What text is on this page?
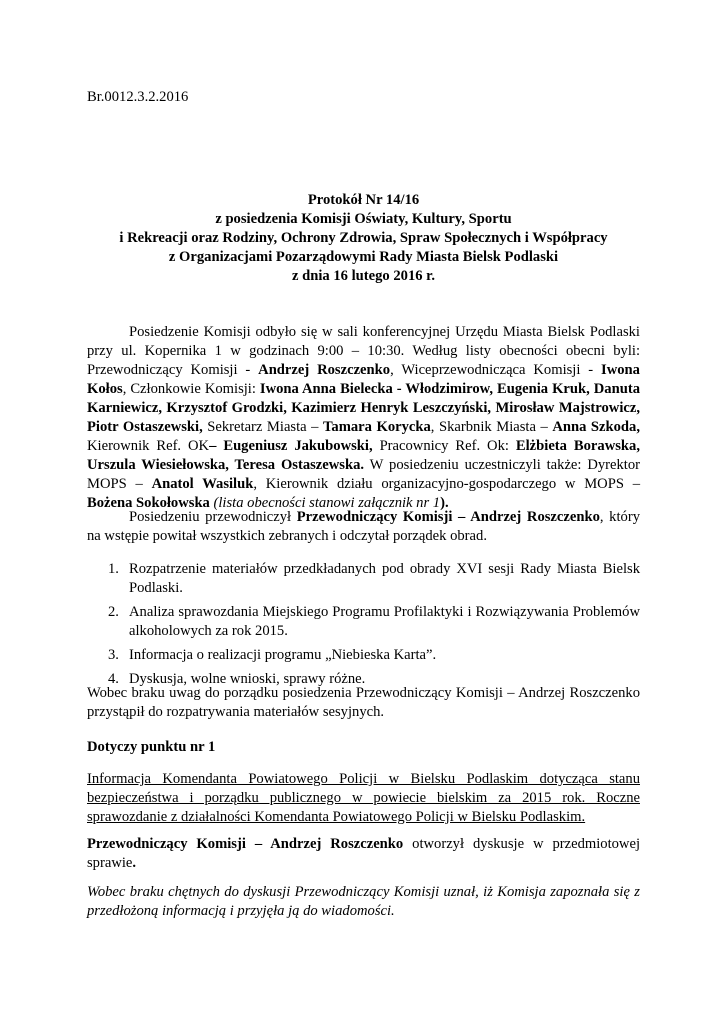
Br.0012.3.2.2016

Protokół Nr 14/16
z posiedzenia Komisji Oświaty, Kultury, Sportu
i Rekreacji oraz Rodziny, Ochrony Zdrowia, Spraw Społecznych i Współpracy
z Organizacjami Pozarządowymi Rady Miasta Bielsk Podlaski
z dnia 16 lutego 2016 r.

Posiedzenie Komisji odbyło się w sali konferencyjnej Urzędu Miasta Bielsk Podlaski przy ul. Kopernika 1 w godzinach 9:00 – 10:30. Według listy obecności obecni byli: Przewodniczący Komisji - Andrzej Roszczenko, Wiceprzewodnicząca Komisji - Iwona Kołos, Członkowie Komisji: Iwona Anna Bielecka - Włodzimirow, Eugenia Kruk, Danuta Karniewicz, Krzysztof Grodzki, Kazimierz Henryk Leszczyński, Mirosław Majstrowicz, Piotr Ostaszewski, Sekretarz Miasta – Tamara Korycka, Skarbnik Miasta – Anna Szkoda, Kierownik Ref. OK– Eugeniusz Jakubowski, Pracownicy Ref. Ok: Elżbieta Borawska, Urszula Wiesiełowska, Teresa Ostaszewska. W posiedzeniu uczestniczyli także: Dyrektor MOPS – Anatol Wasiluk, Kierownik działu organizacyjno-gospodarczego w MOPS – Bożena Sokołowska (lista obecności stanowi załącznik nr 1).

Posiedzeniu przewodniczył Przewodniczący Komisji – Andrzej Roszczenko, który na wstępie powitał wszystkich zebranych i odczytał porządek obrad.

1. Rozpatrzenie materiałów przedkładanych pod obrady XVI sesji Rady Miasta Bielsk Podlaski.
2. Analiza sprawozdania Miejskiego Programu Profilaktyki i Rozwiązywania Problemów alkoholowych za rok 2015.
3. Informacja o realizacji programu „Niebieska Karta”.
4. Dyskusja, wolne wnioski, sprawy różne.

Wobec braku uwag do porządku posiedzenia Przewodniczący Komisji – Andrzej Roszczenko przystąpił do rozpatrywania materiałów sesyjnych.

Dotyczy punktu nr 1

Informacja Komendanta Powiatowego Policji w Bielsku Podlaskim dotycząca stanu bezpieczeństwa i porządku publicznego w powiecie bielskim za 2015 rok. Roczne sprawozdanie z działalności Komendanta Powiatowego Policji w Bielsku Podlaskim.

Przewodniczący Komisji – Andrzej Roszczenko otworzył dyskusje w przedmiotowej sprawie.

Wobec braku chętnych do dyskusji Przewodniczący Komisji uznał, iż Komisja zapoznała się z przedłożoną informacją i przyjęła ją do wiadomości.
